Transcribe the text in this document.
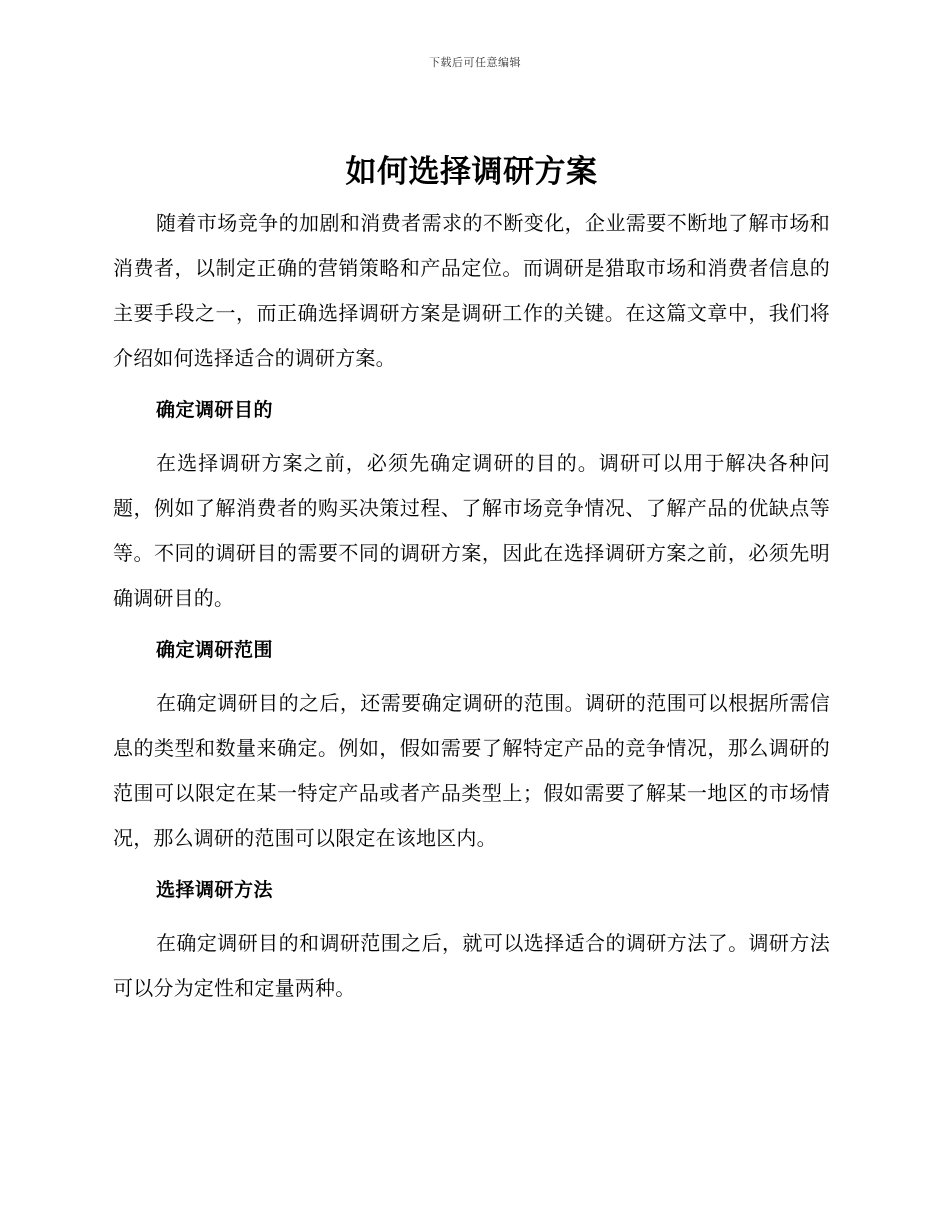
下载后可任意编辑
如何选择调研方案

随着市场竞争的加剧和消费者需求的不断变化，企业需要不断地了解市场和消费者，以制定正确的营销策略和产品定位。而调研是猎取市场和消费者信息的主要手段之一，而正确选择调研方案是调研工作的关键。在这篇文章中，我们将介绍如何选择适合的调研方案。

确定调研目的

在选择调研方案之前，必须先确定调研的目的。调研可以用于解决各种问题，例如了解消费者的购买决策过程、了解市场竞争情况、了解产品的优缺点等等。不同的调研目的需要不同的调研方案，因此在选择调研方案之前，必须先明确调研目的。

确定调研范围

在确定调研目的之后，还需要确定调研的范围。调研的范围可以根据所需信息的类型和数量来确定。例如，假如需要了解特定产品的竞争情况，那么调研的范围可以限定在某一特定产品或者产品类型上；假如需要了解某一地区的市场情况，那么调研的范围可以限定在该地区内。

选择调研方法

在确定调研目的和调研范围之后，就可以选择适合的调研方法了。调研方法可以分为定性和定量两种。
